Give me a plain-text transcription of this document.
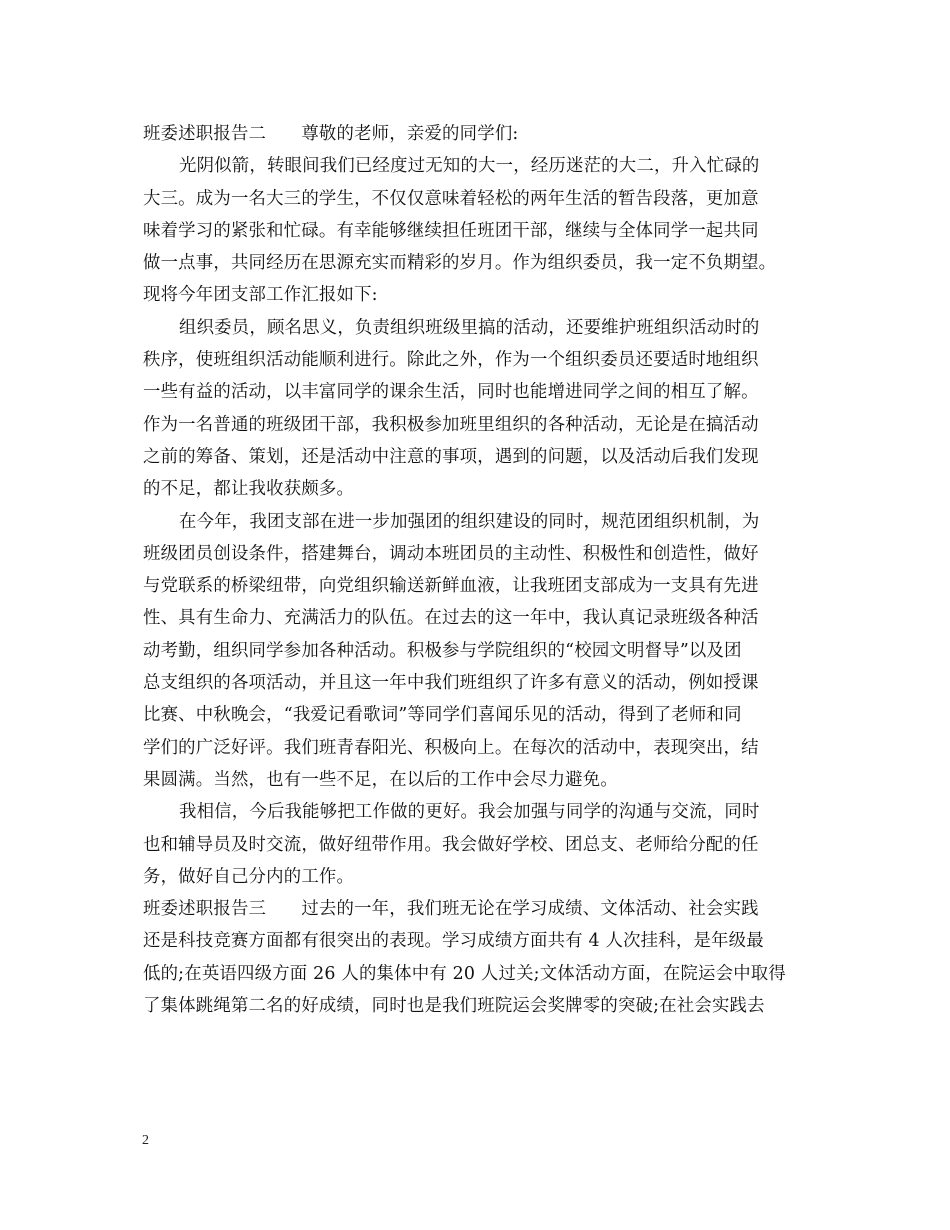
班委述职报告二　　尊敬的老师，亲爱的同学们:
光阴似箭，转眼间我们已经度过无知的大一，经历迷茫的大二，升入忙碌的
大三。成为一名大三的学生，不仅仅意味着轻松的两年生活的暂告段落，更加意
味着学习的紧张和忙碌。有幸能够继续担任班团干部，继续与全体同学一起共同
做一点事，共同经历在思源充实而精彩的岁月。作为组织委员，我一定不负期望。
现将今年团支部工作汇报如下:
组织委员，顾名思义，负责组织班级里搞的活动，还要维护班组织活动时的
秩序，使班组织活动能顺利进行。除此之外，作为一个组织委员还要适时地组织
一些有益的活动，以丰富同学的课余生活，同时也能增进同学之间的相互了解。
作为一名普通的班级团干部，我积极参加班里组织的各种活动，无论是在搞活动
之前的筹备、策划，还是活动中注意的事项，遇到的问题，以及活动后我们发现
的不足，都让我收获颇多。
在今年，我团支部在进一步加强团的组织建设的同时，规范团组织机制，为
班级团员创设条件，搭建舞台，调动本班团员的主动性、积极性和创造性，做好
与党联系的桥梁纽带，向党组织输送新鲜血液，让我班团支部成为一支具有先进
性、具有生命力、充满活力的队伍。在过去的这一年中，我认真记录班级各种活
动考勤，组织同学参加各种活动。积极参与学院组织的“校园文明督导”以及团
总支组织的各项活动，并且这一年中我们班组织了许多有意义的活动，例如授课
比赛、中秋晚会，“我爱记看歌词”等同学们喜闻乐见的活动，得到了老师和同
学们的广泛好评。我们班青春阳光、积极向上。在每次的活动中，表现突出，结
果圆满。当然，也有一些不足，在以后的工作中会尽力避免。
我相信，今后我能够把工作做的更好。我会加强与同学的沟通与交流，同时
也和辅导员及时交流，做好纽带作用。我会做好学校、团总支、老师给分配的任
务，做好自己分内的工作。
班委述职报告三　　过去的一年，我们班无论在学习成绩、文体活动、社会实践
还是科技竞赛方面都有很突出的表现。学习成绩方面共有 4 人次挂科，是年级最
低的;在英语四级方面 26 人的集体中有 20 人过关;文体活动方面，在院运会中取得
了集体跳绳第二名的好成绩，同时也是我们班院运会奖牌零的突破;在社会实践去
2
